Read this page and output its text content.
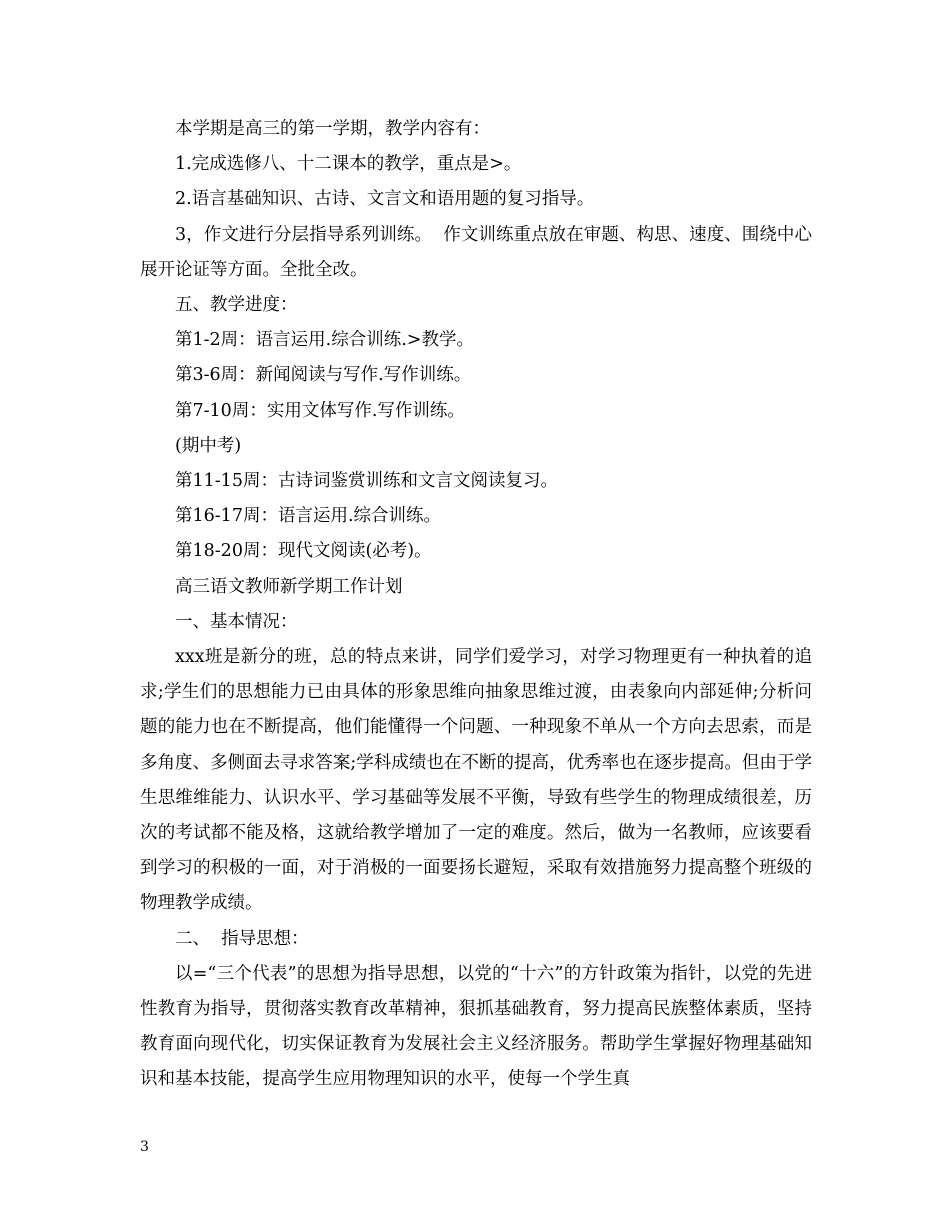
本学期是高三的第一学期，教学内容有：

1.完成选修八、十二课本的教学，重点是>。

2.语言基础知识、古诗、文言文和语用题的复习指导。

3，作文进行分层指导系列训练。  作文训练重点放在审题、构思、速度、围绕中心展开论证等方面。全批全改。

五、教学进度：

第1-2周：语言运用.综合训练.>教学。

第3-6周：新闻阅读与写作.写作训练。

第7-10周：实用文体写作.写作训练。

(期中考)

第11-15周：古诗词鉴赏训练和文言文阅读复习。

第16-17周：语言运用.综合训练。

第18-20周：现代文阅读(必考)。

高三语文教师新学期工作计划

一、基本情况：

xxx班是新分的班，总的特点来讲，同学们爱学习，对学习物理更有一种执着的追求;学生们的思想能力已由具体的形象思维向抽象思维过渡，由表象向内部延伸;分析问题的能力也在不断提高，他们能懂得一个问题、一种现象不单从一个方向去思索，而是多角度、多侧面去寻求答案;学科成绩也在不断的提高，优秀率也在逐步提高。但由于学生思维维能力、认识水平、学习基础等发展不平衡，导致有些学生的物理成绩很差，历次的考试都不能及格，这就给教学增加了一定的难度。然后，做为一名教师，应该要看到学习的积极的一面，对于消极的一面要扬长避短，采取有效措施努力提高整个班级的物理教学成绩。

二、  指导思想：

以=“三个代表”的思想为指导思想，以党的“十六”的方针政策为指针，以党的先进性教育为指导，贯彻落实教育改革精神，狠抓基础教育，努力提高民族整体素质，坚持教育面向现代化，切实保证教育为发展社会主义经济服务。帮助学生掌握好物理基础知识和基本技能，提高学生应用物理知识的水平，使每一个学生真

3
